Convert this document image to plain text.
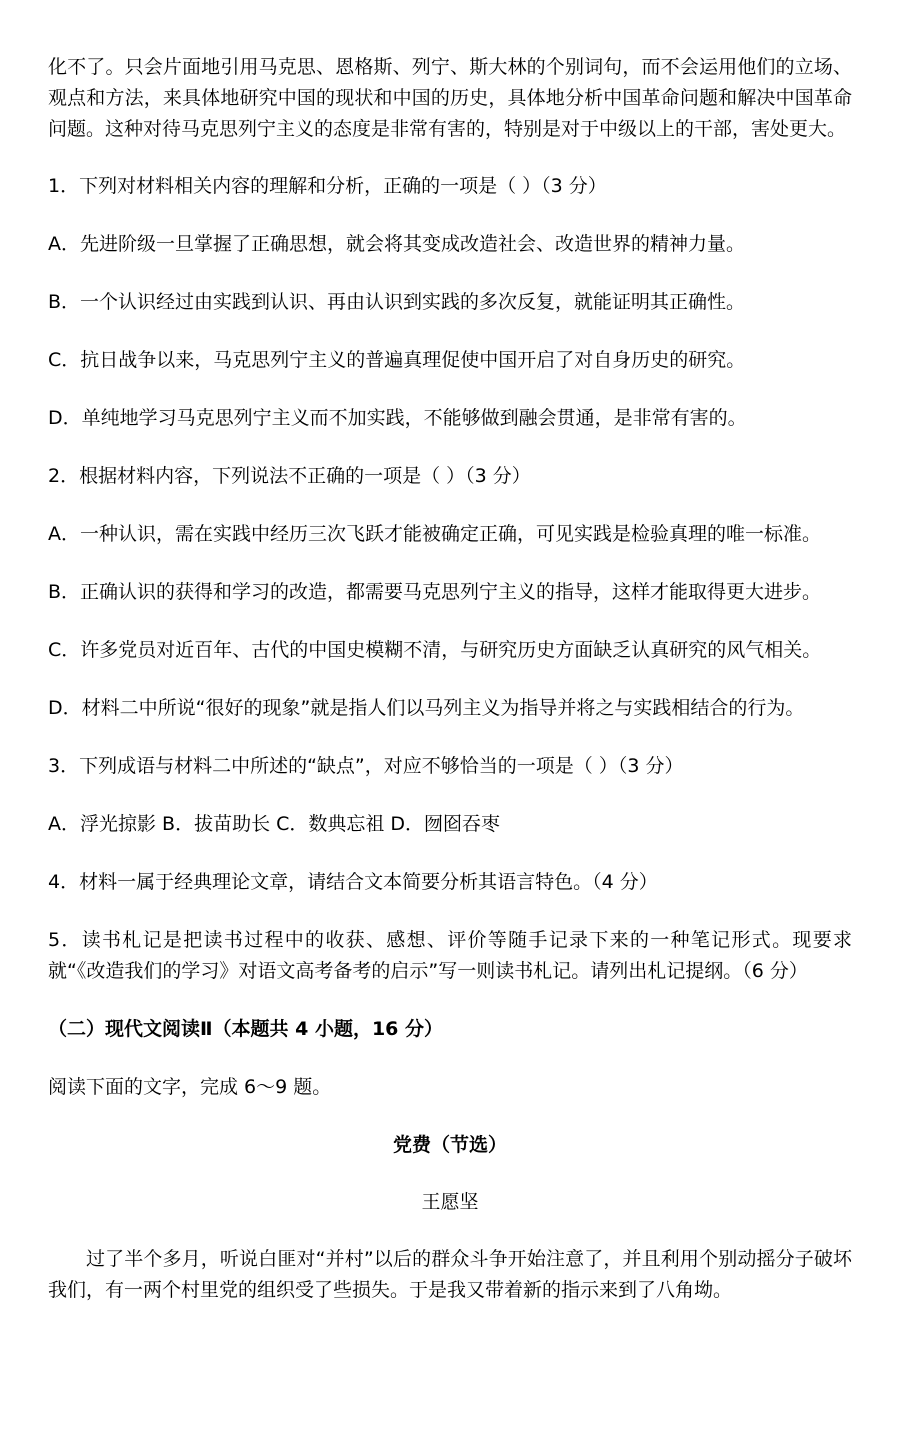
化不了。只会片面地引用马克思、恩格斯、列宁、斯大林的个别词句，而不会运用他们的立场、观点和方法，来具体地研究中国的现状和中国的历史，具体地分析中国革命问题和解决中国革命问题。这种对待马克思列宁主义的态度是非常有害的，特别是对于中级以上的干部，害处更大。

1．下列对材料相关内容的理解和分析，正确的一项是（ ）（3 分）

A．先进阶级一旦掌握了正确思想，就会将其变成改造社会、改造世界的精神力量。

B．一个认识经过由实践到认识、再由认识到实践的多次反复，就能证明其正确性。

C．抗日战争以来，马克思列宁主义的普遍真理促使中国开启了对自身历史的研究。

D．单纯地学习马克思列宁主义而不加实践，不能够做到融会贯通，是非常有害的。

2．根据材料内容，下列说法不正确的一项是（ ）（3 分）

A．一种认识，需在实践中经历三次飞跃才能被确定正确，可见实践是检验真理的唯一标准。

B．正确认识的获得和学习的改造，都需要马克思列宁主义的指导，这样才能取得更大进步。

C．许多党员对近百年、古代的中国史模糊不清，与研究历史方面缺乏认真研究的风气相关。

D．材料二中所说“很好的现象”就是指人们以马列主义为指导并将之与实践相结合的行为。

3．下列成语与材料二中所述的“缺点”，对应不够恰当的一项是（ ）（3 分）

A．浮光掠影 B．拔苗助长 C．数典忘祖 D．囫囵吞枣

4．材料一属于经典理论文章，请结合文本简要分析其语言特色。（4 分）

5．读书札记是把读书过程中的收获、感想、评价等随手记录下来的一种笔记形式。现要求就“《改造我们的学习》对语文高考备考的启示”写一则读书札记。请列出札记提纲。（6 分）

（二）现代文阅读Ⅱ（本题共 4 小题，16 分）

阅读下面的文字，完成 6～9 题。

党费（节选）

王愿坚

过了半个多月，听说白匪对“并村”以后的群众斗争开始注意了，并且利用个别动摇分子破坏我们，有一两个村里党的组织受了些损失。于是我又带着新的指示来到了八角坳。
